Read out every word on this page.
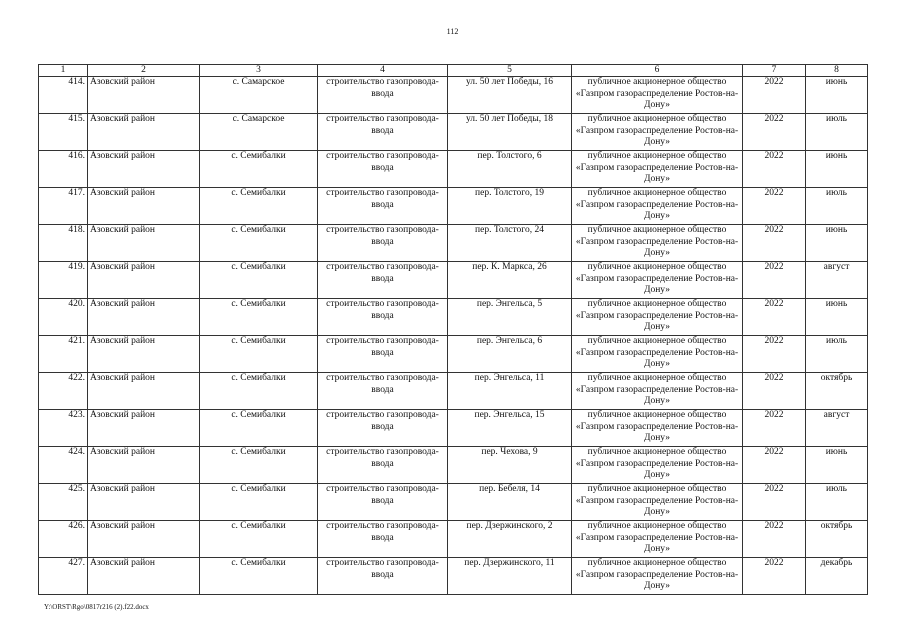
112
1	2	3	4	5	6	7	8
414.	Азовский район	с. Самарское	строительство газопровода-ввода	ул. 50 лет Победы, 16	публичное акционерное общество «Газпром газораспределение Ростов-на-Дону»	2022	июнь
415.	Азовский район	с. Самарское	строительство газопровода-ввода	ул. 50 лет Победы, 18	публичное акционерное общество «Газпром газораспределение Ростов-на-Дону»	2022	июль
416.	Азовский район	с. Семибалки	строительство газопровода-ввода	пер. Толстого, 6	публичное акционерное общество «Газпром газораспределение Ростов-на-Дону»	2022	июнь
417.	Азовский район	с. Семибалки	строительство газопровода-ввода	пер. Толстого, 19	публичное акционерное общество «Газпром газораспределение Ростов-на-Дону»	2022	июль
418.	Азовский район	с. Семибалки	строительство газопровода-ввода	пер. Толстого, 24	публичное акционерное общество «Газпром газораспределение Ростов-на-Дону»	2022	июнь
419.	Азовский район	с. Семибалки	строительство газопровода-ввода	пер. К. Маркса, 26	публичное акционерное общество «Газпром газораспределение Ростов-на-Дону»	2022	август
420.	Азовский район	с. Семибалки	строительство газопровода-ввода	пер. Энгельса, 5	публичное акционерное общество «Газпром газораспределение Ростов-на-Дону»	2022	июнь
421.	Азовский район	с. Семибалки	строительство газопровода-ввода	пер. Энгельса, 6	публичное акционерное общество «Газпром газораспределение Ростов-на-Дону»	2022	июль
422.	Азовский район	с. Семибалки	строительство газопровода-ввода	пер. Энгельса, 11	публичное акционерное общество «Газпром газораспределение Ростов-на-Дону»	2022	октябрь
423.	Азовский район	с. Семибалки	строительство газопровода-ввода	пер. Энгельса, 15	публичное акционерное общество «Газпром газораспределение Ростов-на-Дону»	2022	август
424.	Азовский район	с. Семибалки	строительство газопровода-ввода	пер. Чехова, 9	публичное акционерное общество «Газпром газораспределение Ростов-на-Дону»	2022	июнь
425.	Азовский район	с. Семибалки	строительство газопровода-ввода	пер. Бебеля, 14	публичное акционерное общество «Газпром газораспределение Ростов-на-Дону»	2022	июль
426.	Азовский район	с. Семибалки	строительство газопровода-ввода	пер. Дзержинского, 2	публичное акционерное общество «Газпром газораспределение Ростов-на-Дону»	2022	октябрь
427.	Азовский район	с. Семибалки	строительство газопровода-ввода	пер. Дзержинского, 11	публичное акционерное общество «Газпром газораспределение Ростов-на-Дону»	2022	декабрь
Y:\ORST\Rgo\0817r216 (2).f22.docx
